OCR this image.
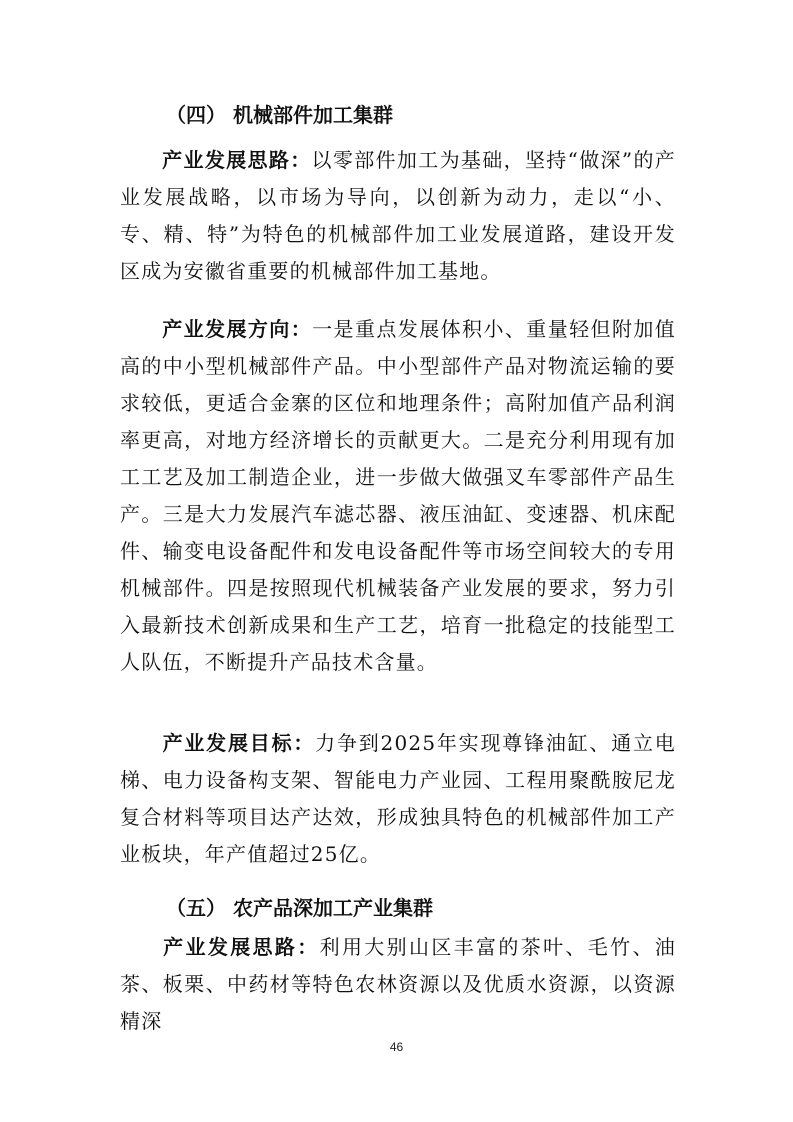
（四） 机械部件加工集群
产业发展思路：以零部件加工为基础，坚持“做深”的产业发展战略，以市场为导向，以创新为动力，走以“小、专、精、特”为特色的机械部件加工业发展道路，建设开发区成为安徽省重要的机械部件加工基地。
产业发展方向：一是重点发展体积小、重量轻但附加值高的中小型机械部件产品。中小型部件产品对物流运输的要求较低，更适合金寨的区位和地理条件；高附加值产品利润率更高，对地方经济增长的贡献更大。二是充分利用现有加工工艺及加工制造企业，进一步做大做强叉车零部件产品生产。三是大力发展汽车滤芯器、液压油缸、变速器、机床配件、输变电设备配件和发电设备配件等市场空间较大的专用机械部件。四是按照现代机械装备产业发展的要求，努力引入最新技术创新成果和生产工艺，培育一批稳定的技能型工人队伍，不断提升产品技术含量。
产业发展目标：力争到2025年实现尊锋油缸、通立电梯、电力设备构支架、智能电力产业园、工程用聚酰胺尼龙复合材料等项目达产达效，形成独具特色的机械部件加工产业板块，年产值超过25亿。
（五） 农产品深加工产业集群
产业发展思路：利用大别山区丰富的茶叶、毛竹、油茶、板栗、中药材等特色农林资源以及优质水资源，以资源精深
46
